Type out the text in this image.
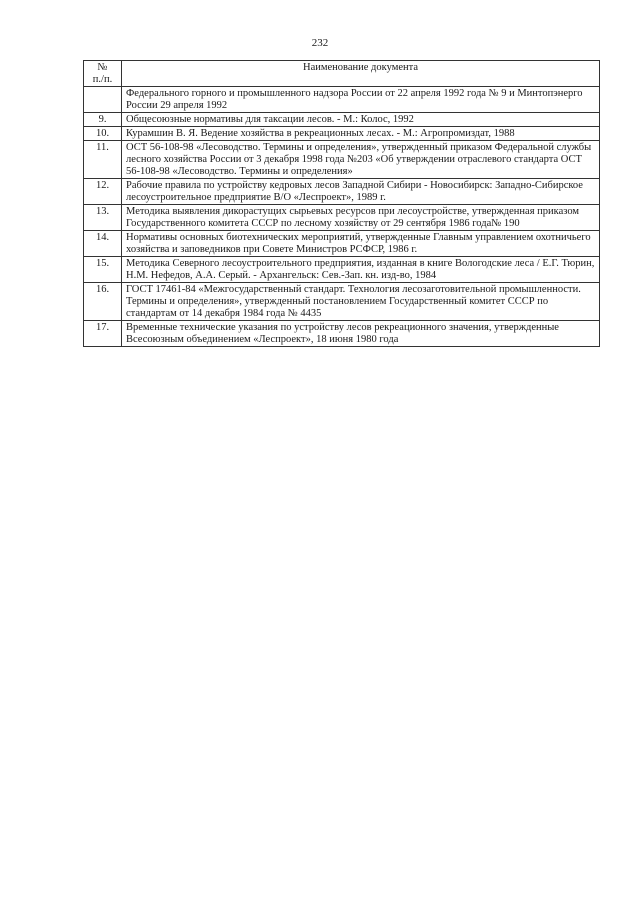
232
№
п./п.	Наименование документа
	Федерального горного и промышленного надзора России от 22 апреля 1992 года № 9 и Минтопэнерго России 29 апреля 1992
9.	Общесоюзные нормативы для таксации лесов. - М.: Колос, 1992
10.	Курамшин В. Я. Ведение хозяйства в рекреационных лесах. - М.: Агропромиздат, 1988
11.	ОСТ 56-108-98 «Лесоводство. Термины и определения», утвержденный приказом Федеральной службы лесного хозяйства России от 3 декабря 1998 года №203 «Об утверждении отраслевого стандарта ОСТ 56-108-98 «Лесоводство. Термины и определения»
12.	Рабочие правила по устройству кедровых лесов Западной Сибири - Новосибирск: Западно-Сибирское лесоустроительное предприятие В/О «Леспроект», 1989 г.
13.	Методика выявления дикорастущих сырьевых ресурсов при лесоустройстве, утвержденная приказом Государственного комитета СССР по лесному хозяйству от 29 сентября 1986 года№ 190
14.	Нормативы основных биотехнических мероприятий, утвержденные Главным управлением охотничьего хозяйства и заповедников при Совете Министров РСФСР, 1986 г.
15.	Методика Северного лесоустроительного предприятия, изданная в книге Вологодские леса / Е.Г. Тюрин, Н.М. Нефедов, А.А. Серый. - Архангельск: Сев.-Зап. кн. изд-во, 1984
16.	ГОСТ 17461-84 «Межгосударственный стандарт. Технология лесозаготовительной промышленности. Термины и определения», утвержденный постановлением Государственный комитет СССР по стандартам от 14 декабря 1984 года № 4435
17.	Временные технические указания по устройству лесов рекреационного значения, утвержденные Всесоюзным объединением «Леспроект», 18 июня 1980 года
